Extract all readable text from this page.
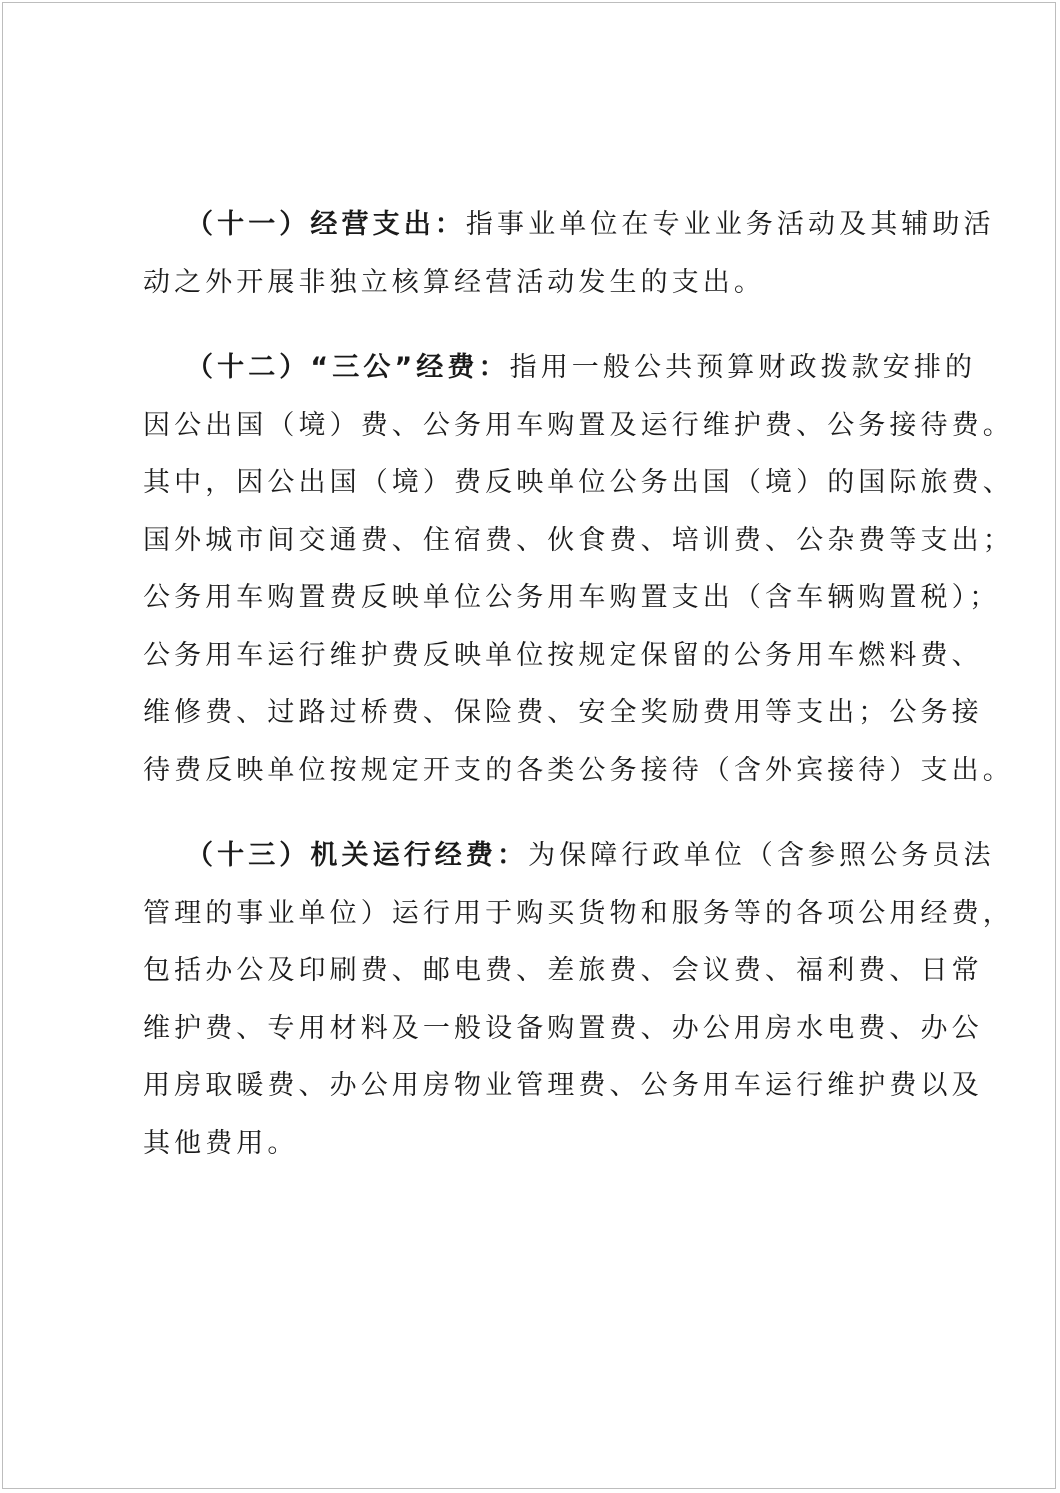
（十一）经营支出：指事业单位在专业业务活动及其辅助活
动之外开展非独立核算经营活动发生的支出。
（十二）“三公”经费：指用一般公共预算财政拨款安排的
因公出国（境）费、公务用车购置及运行维护费、公务接待费。
其中，因公出国（境）费反映单位公务出国（境）的国际旅费、
国外城市间交通费、住宿费、伙食费、培训费、公杂费等支出；
公务用车购置费反映单位公务用车购置支出（含车辆购置税）；
公务用车运行维护费反映单位按规定保留的公务用车燃料费、
维修费、过路过桥费、保险费、安全奖励费用等支出；公务接
待费反映单位按规定开支的各类公务接待（含外宾接待）支出。
（十三）机关运行经费：为保障行政单位（含参照公务员法
管理的事业单位）运行用于购买货物和服务等的各项公用经费，
包括办公及印刷费、邮电费、差旅费、会议费、福利费、日常
维护费、专用材料及一般设备购置费、办公用房水电费、办公
用房取暖费、办公用房物业管理费、公务用车运行维护费以及
其他费用。
